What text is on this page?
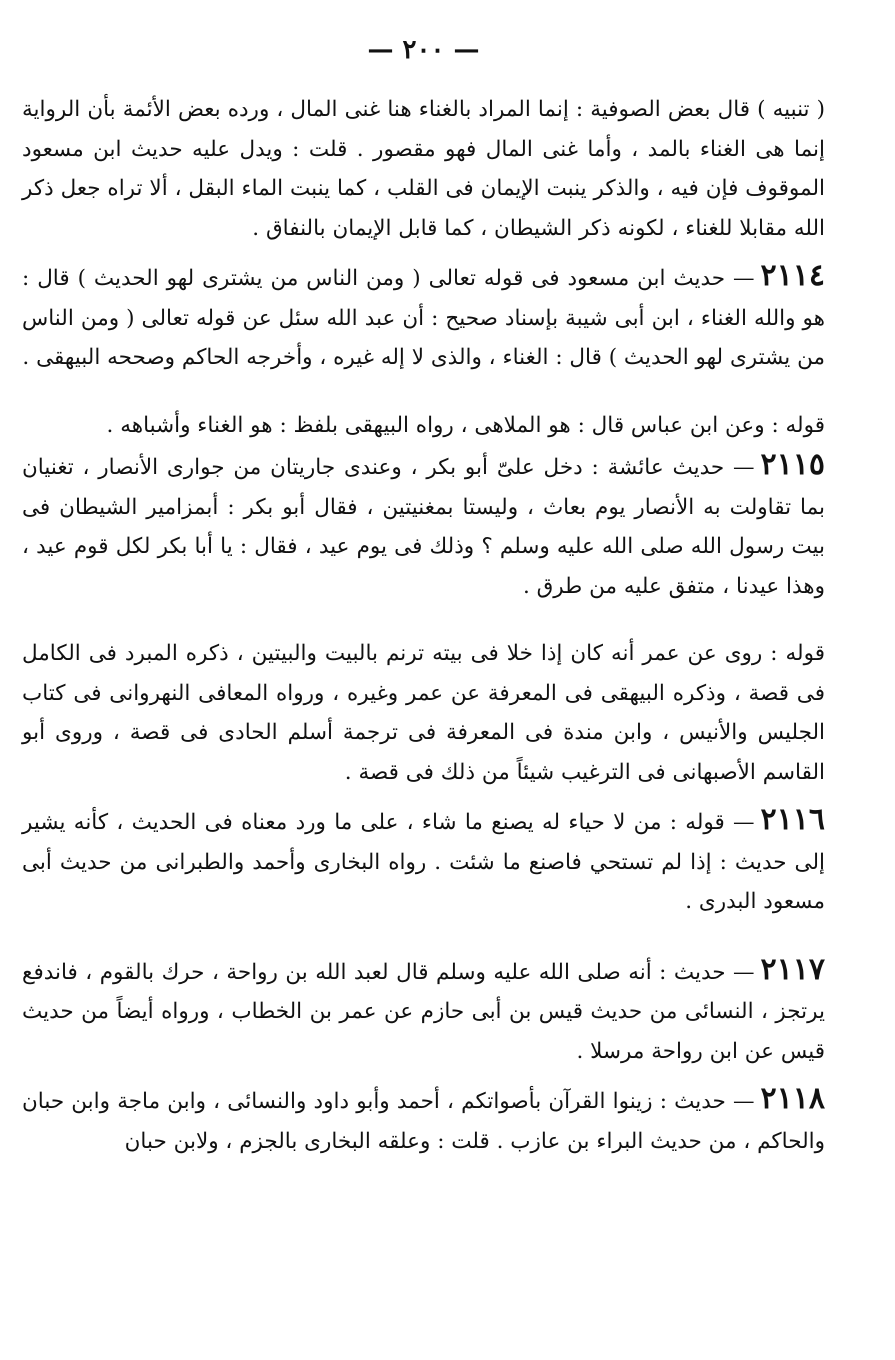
— ٢٠٠ —

( تنبيه ) قال بعض الصوفية : إنما المراد بالغناء هنا غنى المال ، ورده بعض الأئمة بأن الرواية إنما هى الغناء بالمد ، وأما غنى المال فهو مقصور . قلت : ويدل عليه حديث ابن مسعود الموقوف فإن فيه ، والذكر ينبت الإيمان فى القلب ، كما ينبت الماء البقل ، ألا تراه جعل ذكر الله مقابلا للغناء ، لكونه ذكر الشيطان ، كما قابل الإيمان بالنفاق .

٢١١٤— حديث ابن مسعود فى قوله تعالى ( ومن الناس من يشترى لهو الحديث ) قال : هو والله الغناء ، ابن أبى شيبة بإسناد صحيح : أن عبد الله سئل عن قوله تعالى ( ومن الناس من يشترى لهو الحديث ) قال : الغناء ، والذى لا إله غيره ، وأخرجه الحاكم وصححه البيهقى .

قوله : وعن ابن عباس قال : هو الملاهى ، رواه البيهقى بلفظ : هو الغناء وأشباهه .

٢١١٥— حديث عائشة : دخل علىّ أبو بكر ، وعندى جاريتان من جوارى الأنصار ، تغنيان بما تقاولت به الأنصار يوم بعاث ، وليستا بمغنيتين ، فقال أبو بكر : أبمزامير الشيطان فى بيت رسول الله صلى الله عليه وسلم ؟ وذلك فى يوم عيد ، فقال : يا أبا بكر لكل قوم عيد ، وهذا عيدنا ، متفق عليه من طرق .

قوله : روى عن عمر أنه كان إذا خلا فى بيته ترنم بالبيت والبيتين ، ذكره المبرد فى الكامل فى قصة ، وذكره البيهقى فى المعرفة عن عمر وغيره ، ورواه المعافى النهروانى فى كتاب الجليس والأنيس ، وابن مندة فى المعرفة فى ترجمة أسلم الحادى فى قصة ، وروى أبو القاسم الأصبهانى فى الترغيب شيئاً من ذلك فى قصة .

٢١١٦— قوله : من لا حياء له يصنع ما شاء ، على ما ورد معناه فى الحديث ، كأنه يشير إلى حديث : إذا لم تستحي فاصنع ما شئت . رواه البخارى وأحمد والطبرانى من حديث أبى مسعود البدرى .

٢١١٧— حديث : أنه صلى الله عليه وسلم قال لعبد الله بن رواحة ، حرك بالقوم ، فاندفع يرتجز ، النسائى من حديث قيس بن أبى حازم عن عمر بن الخطاب ، ورواه أيضاً من حديث قيس عن ابن رواحة مرسلا .

٢١١٨— حديث : زينوا القرآن بأصواتكم ، أحمد وأبو داود والنسائى ، وابن ماجة وابن حبان والحاكم ، من حديث البراء بن عازب . قلت : وعلقه البخارى بالجزم ، ولابن حبان
